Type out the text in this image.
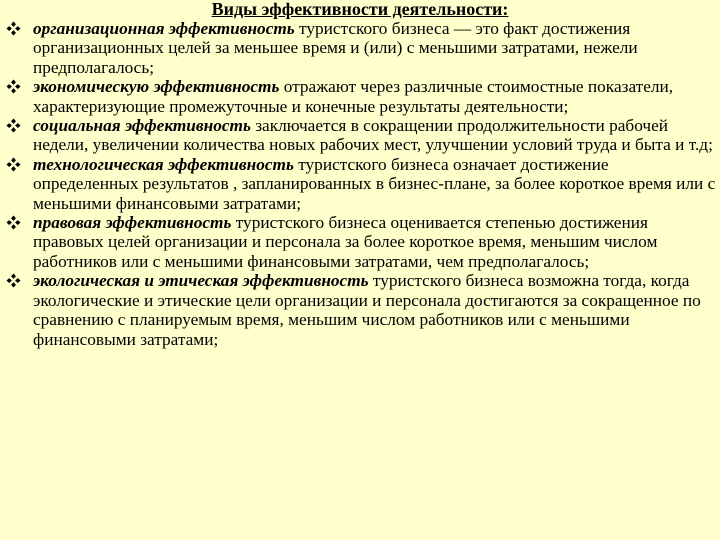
Виды эффективности деятельности:
организационная эффективность туристского бизнеса — это факт достижения организационных целей за меньшее время и (или) с меньшими затратами, нежели предполагалось;
экономическую эффективность отражают через различные стоимостные показатели, характеризующие промежуточные и конечные результаты деятельности;
социальная эффективность заключается в сокращении продолжительности рабочей недели, увеличении количества новых рабочих мест, улучшении условий труда и быта и т.д;
технологическая эффективность туристского бизнеса означает достижение определенных результатов , запланированных в бизнес-плане, за более короткое время или с меньшими финансовыми затратами;
правовая эффективность туристского бизнеса оценивается степенью достижения правовых целей организации и персонала за более короткое время, меньшим числом работников или с меньшими финансовыми затратами, чем предполагалось;
экологическая и этическая эффективность туристского бизнеса возможна тогда, когда экологические и этические цели организации и персонала достигаются за сокращенное по сравнению с планируемым время, меньшим числом работников или с меньшими финансовыми затратами;
